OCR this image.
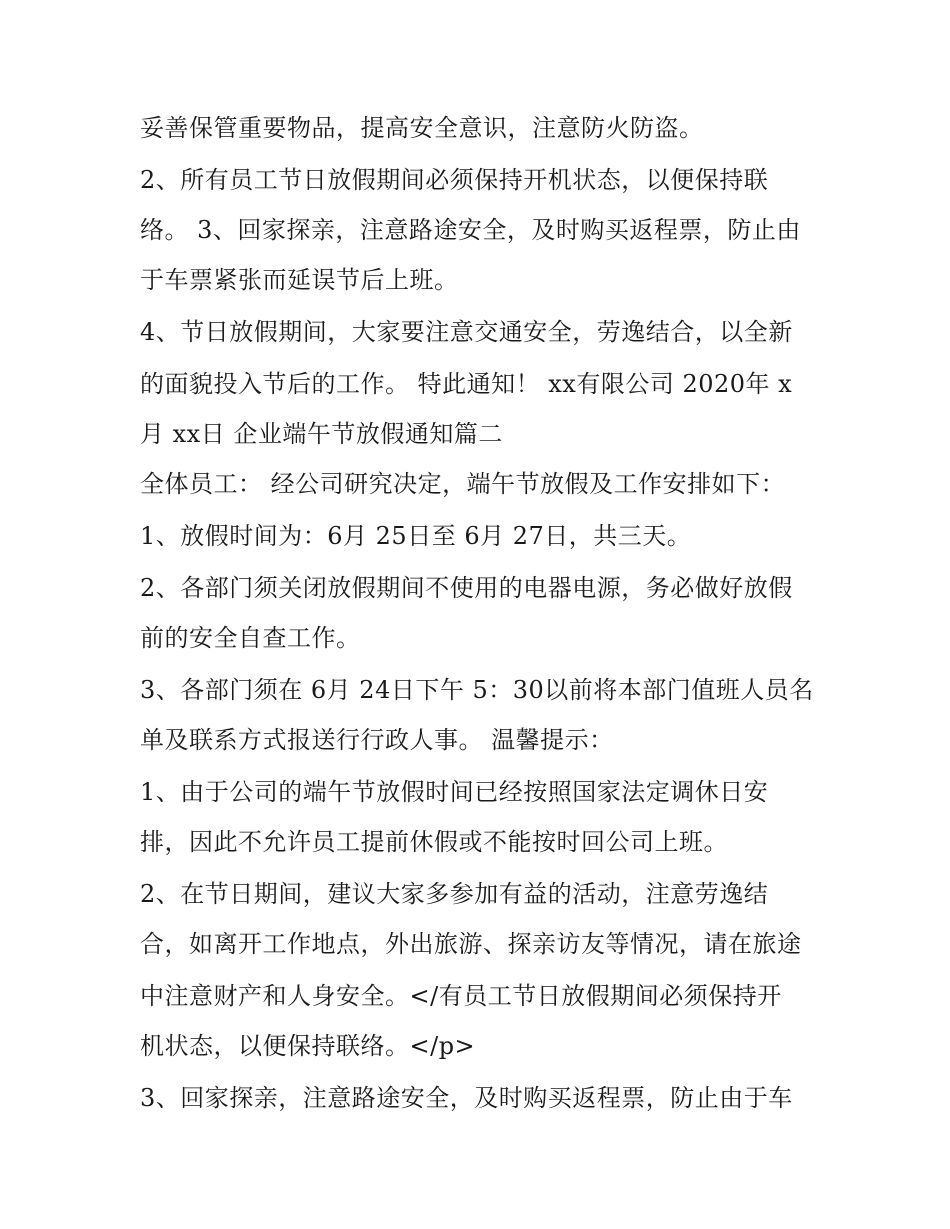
妥善保管重要物品，提高安全意识，注意防火防盗。
2、所有员工节日放假期间必须保持开机状态，以便保持联
络。 3、回家探亲，注意路途安全，及时购买返程票，防止由
于车票紧张而延误节后上班。
4、节日放假期间，大家要注意交通安全，劳逸结合，以全新
的面貌投入节后的工作。 特此通知！ xx有限公司 2020年 x
月 xx日 企业端午节放假通知篇二
全体员工： 经公司研究决定，端午节放假及工作安排如下：
1、放假时间为：6月 25日至 6月 27日，共三天。
2、各部门须关闭放假期间不使用的电器电源，务必做好放假
前的安全自查工作。
3、各部门须在 6月 24日下午 5：30以前将本部门值班人员名
单及联系方式报送行行政人事。 温馨提示：
1、由于公司的端午节放假时间已经按照国家法定调休日安
排，因此不允许员工提前休假或不能按时回公司上班。
2、在节日期间，建议大家多参加有益的活动，注意劳逸结
合，如离开工作地点，外出旅游、探亲访友等情况，请在旅途
中注意财产和人身安全。</有员工节日放假期间必须保持开
机状态，以便保持联络。</p>
3、回家探亲，注意路途安全，及时购买返程票，防止由于车
